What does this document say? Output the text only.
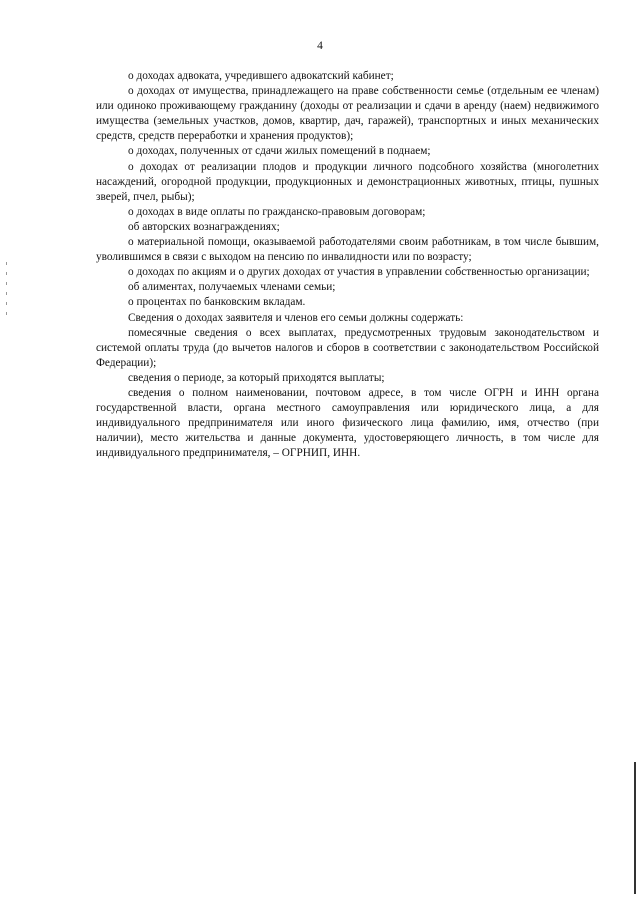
4

о доходах адвоката, учредившего адвокатский кабинет;

о доходах от имущества, принадлежащего на праве собственности семье (отдельным ее членам) или одиноко проживающему гражданину (доходы от реализации и сдачи в аренду (наем) недвижимого имущества (земельных участков, домов, квартир, дач, гаражей), транспортных и иных механических средств, средств переработки и хранения продуктов);

о доходах, полученных от сдачи жилых помещений в поднаем;

о доходах от реализации плодов и продукции личного подсобного хозяйства (многолетних насаждений, огородной продукции, продукционных и демонстрационных животных, птицы, пушных зверей, пчел, рыбы);

о доходах в виде оплаты по гражданско-правовым договорам;

об авторских вознаграждениях;

о материальной помощи, оказываемой работодателями своим работникам, в том числе бывшим, уволившимся в связи с выходом на пенсию по инвалидности или по возрасту;

о доходах по акциям и о других доходах от участия в управлении собственностью организации;

об алиментах, получаемых членами семьи;

о процентах по банковским вкладам.

Сведения о доходах заявителя и членов его семьи должны содержать:

помесячные сведения о всех выплатах, предусмотренных трудовым законодательством и системой оплаты труда (до вычетов налогов и сборов в соответствии с законодательством Российской Федерации);

сведения о периоде, за который приходятся выплаты;

сведения о полном наименовании, почтовом адресе, в том числе ОГРН и ИНН органа государственной власти, органа местного самоуправления или юридического лица, а для индивидуального предпринимателя или иного физического лица фамилию, имя, отчество (при наличии), место жительства и данные документа, удостоверяющего личность, в том числе для индивидуального предпринимателя, – ОГРНИП, ИНН.
